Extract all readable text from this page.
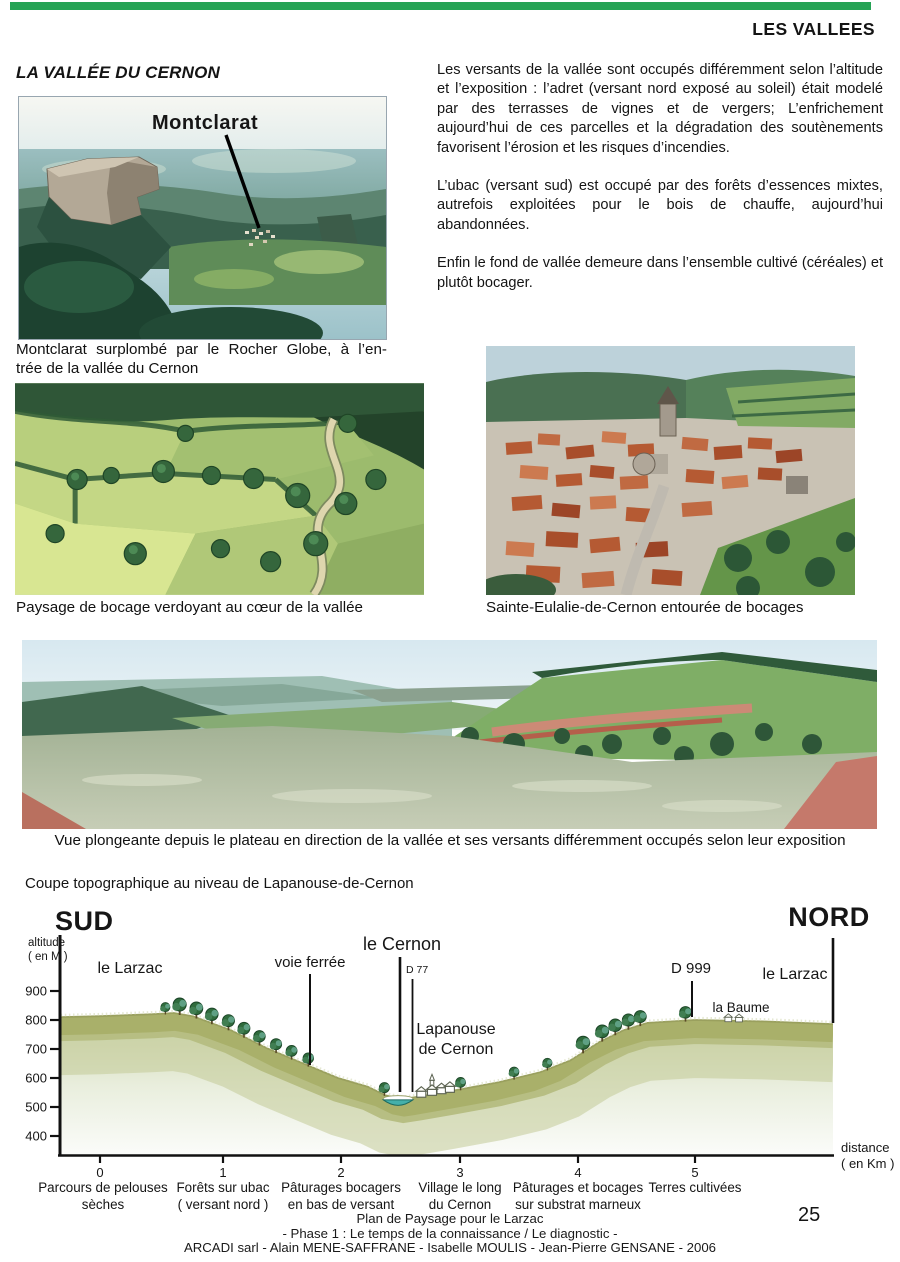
LES VALLEES
LA VALLÉE DU CERNON	Les versants de la vallée sont occupés différemment selon l’altitude et l’exposition : l’adret (versant nord exposé au soleil) était modelé par des terrasses de vignes et de vergers; L’enfrichement aujourd’hui de ces parcelles et la dégradation des soutènements favorisent l’érosion et les risques d’incendies.

L’ubac (versant sud) est occupé par des forêts d’essences mixtes, autrefois exploitées pour le bois de chauffe, aujourd’hui abandonnées.

Enfin le fond de vallée demeure dans l’ensemble cultivé (céréales) et plutôt bocager.

Montclarat
Montclarat surplombé par le Rocher Globe, à l’en-
trée de la vallée du Cernon
Paysage de bocage verdoyant au cœur de la vallée	Sainte-Eulalie-de-Cernon entourée de bocages
Vue plongeante depuis le plateau en direction de la vallée et ses versants différemment occupés selon leur exposition
Coupe topographique au niveau de Lapanouse-de-Cernon
900
800
700
600
500
400
0	1	2	3	4	5
SUD	NORD
altitude
( en M )
distance
( en Km )
le Larzac	le Larzac
voie ferrée
le Cernon
D 77
Lapanouse
de Cernon
D 999
la Baume
Parcours de pelouses
sèches
Forêts sur ubac
( versant nord )
Pâturages bocagers
en bas de versant
Village le long
du Cernon
Pâturages et bocages
sur substrat marneux
Terres cultivées
Plan de Paysage pour le Larzac
- Phase 1 : Le temps de la connaissance / Le diagnostic -
ARCADI sarl - Alain MENE-SAFFRANE - Isabelle MOULIS - Jean-Pierre GENSANE - 2006
25
